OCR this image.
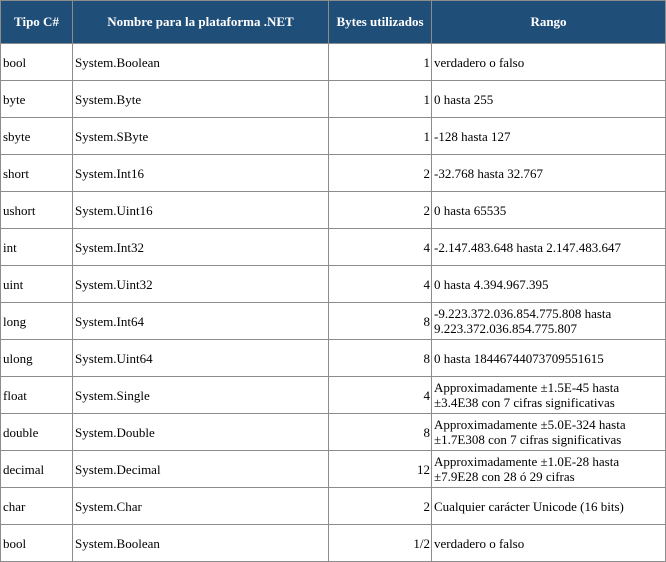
Tipo C#	Nombre para la plataforma .NET	Bytes utilizados	Rango
bool	System.Boolean	1	verdadero o falso
byte	System.Byte	1	0 hasta 255
sbyte	System.SByte	1	-128 hasta 127
short	System.Int16	2	-32.768 hasta 32.767
ushort	System.Uint16	2	0 hasta 65535
int	System.Int32	4	-2.147.483.648 hasta 2.147.483.647
uint	System.Uint32	4	0 hasta 4.394.967.395
long	System.Int64	8	-9.223.372.036.854.775.808 hasta 9.223.372.036.854.775.807
ulong	System.Uint64	8	0 hasta 18446744073709551615
float	System.Single	4	Approximadamente ±1.5E-45 hasta ±3.4E38 con 7 cifras significativas
double	System.Double	8	Approximadamente ±5.0E-324 hasta ±1.7E308 con 7 cifras significativas
decimal	System.Decimal	12	Approximadamente ±1.0E-28 hasta ±7.9E28 con 28 ó 29 cifras
char	System.Char	2	Cualquier carácter Unicode (16 bits)
bool	System.Boolean	1/2	verdadero o falso
